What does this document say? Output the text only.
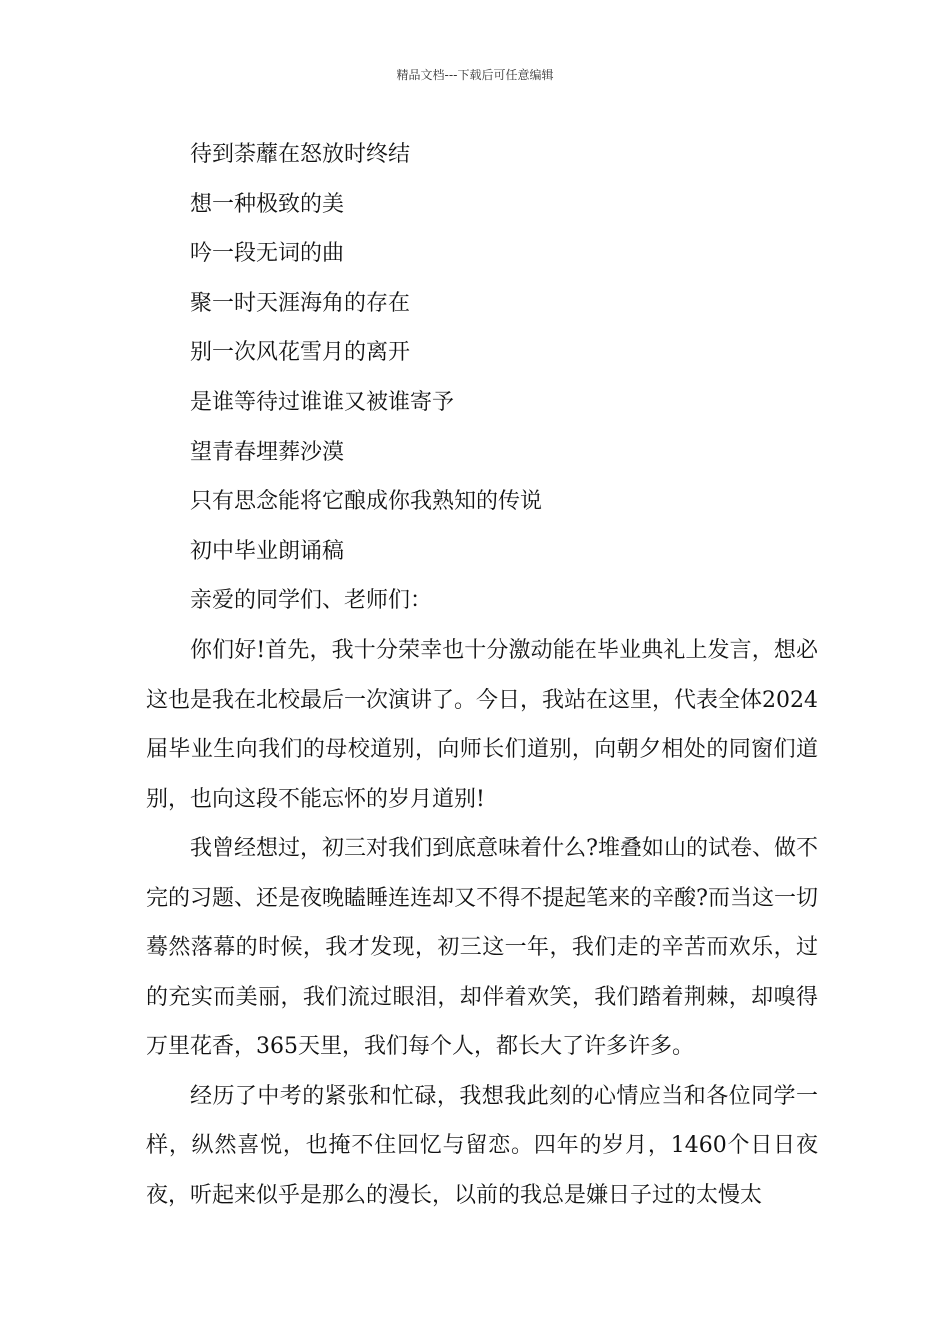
精品文档---下载后可任意编辑
待到荼蘼在怒放时终结
想一种极致的美
吟一段无词的曲
聚一时天涯海角的存在
别一次风花雪月的离开
是谁等待过谁谁又被谁寄予
望青春埋葬沙漠
只有思念能将它酿成你我熟知的传说
初中毕业朗诵稿
亲爱的同学们、老师们：

你们好!首先，我十分荣幸也十分激动能在毕业典礼上发言，想必这也是我在北校最后一次演讲了。今日，我站在这里，代表全体2024届毕业生向我们的母校道别，向师长们道别，向朝夕相处的同窗们道别，也向这段不能忘怀的岁月道别!

我曾经想过，初三对我们到底意味着什么?堆叠如山的试卷、做不完的习题、还是夜晚瞌睡连连却又不得不提起笔来的辛酸?而当这一切蓦然落幕的时候，我才发现，初三这一年，我们走的辛苦而欢乐，过的充实而美丽，我们流过眼泪，却伴着欢笑，我们踏着荆棘，却嗅得万里花香，365天里，我们每个人，都长大了许多许多。

经历了中考的紧张和忙碌，我想我此刻的心情应当和各位同学一样，纵然喜悦，也掩不住回忆与留恋。四年的岁月，1460个日日夜夜，听起来似乎是那么的漫长，以前的我总是嫌日子过的太慢太
